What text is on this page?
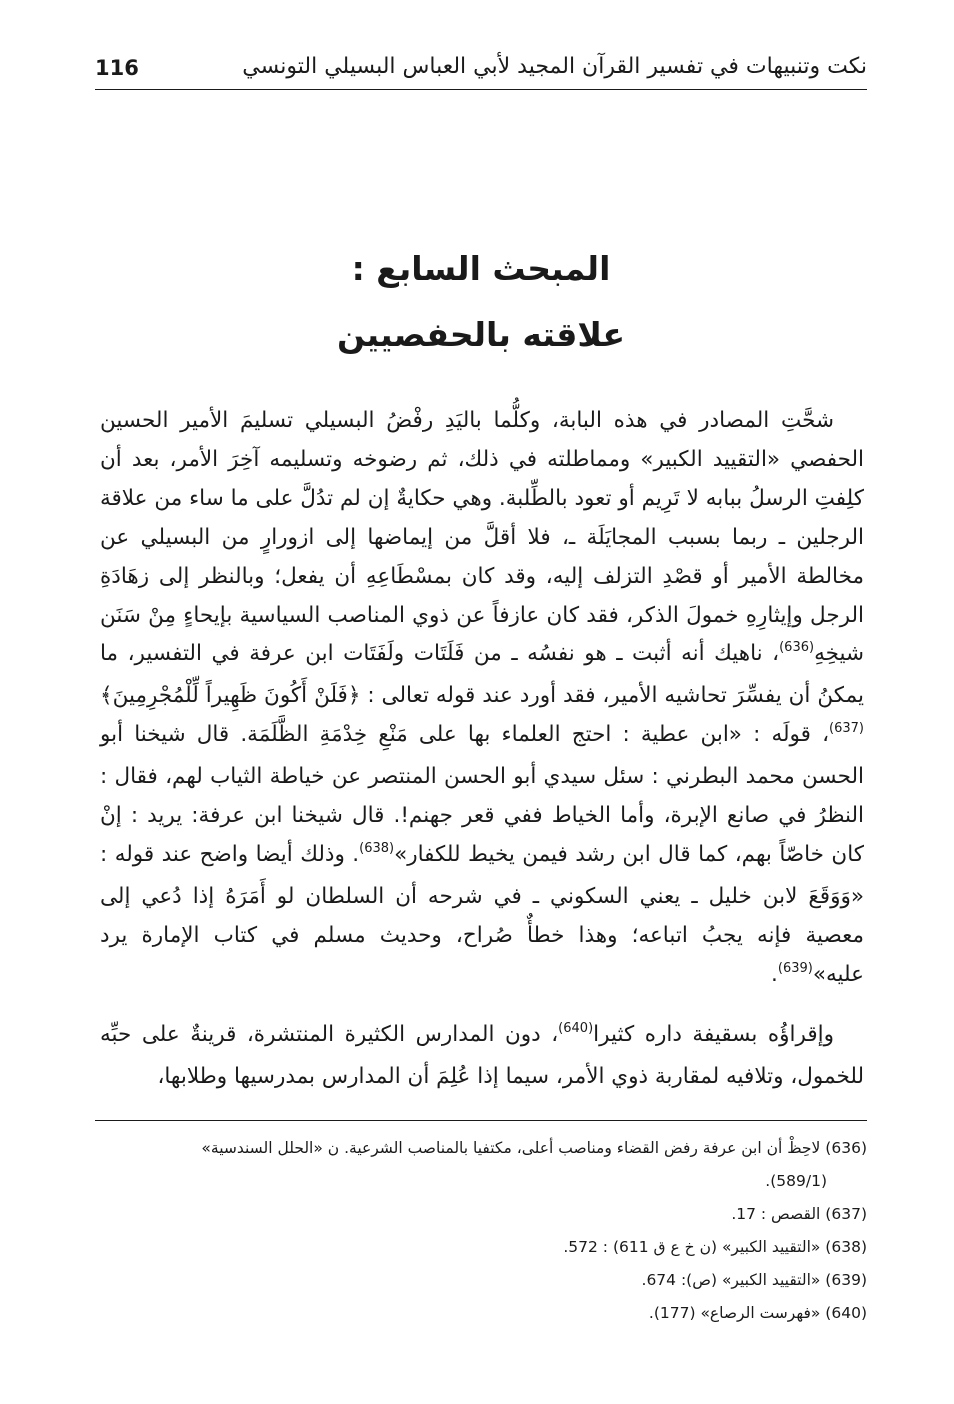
116	نكت وتنبيهات في تفسير القرآن المجيد لأبي العباس البسيلي التونسي
المبحث السابع :
علاقته بالحفصيين

شحَّتِ المصادر في هذه البابة، وكلُّما باليَدِ رفْضُ البسيلي تسليمَ الأمير الحسين الحفصي «التقييد الكبير» ومماطلته في ذلك، ثم رضوخه وتسليمه آخِرَ الأمر، بعد أن كلِفتِ الرسلُ ببابه لا تَرِيم أو تعود بالطِّلبة. وهي حكايةٌ إن لم تدُلَّ على ما ساء من علاقة الرجلين ـ ربما بسبب المجايَلَة ـ، فلا أقلَّ من إيماضها إلى ازورارٍ من البسيلي عن مخالطة الأمير أو قصْدِ التزلف إليه، وقد كان بمسْطَاعِهِ أن يفعل؛ وبالنظر إلى زهَادَةِ الرجل وإيثارِهِ خمولَ الذكر، فقد كان عازفاً عن ذوي المناصب السياسية بإيحاءٍ مِنْ سَنَن شيخِهِ$^{(636)}$، ناهيك أنه أثبت ـ هو نفسُه ـ من فَلَتَات ولَفَتَات ابن عرفة في التفسير، ما يمكنُ أن يفسِّرَ تحاشيه الأمير، فقد أورد عند قوله تعالى : ﴿فَلَنْ أَكُونَ ظَهِيراً لِّلْمُجْرِمِينَ﴾$^{(637)}$، قولَه : «ابن عطية : احتج العلماء بها على مَنْعِ خِدْمَةِ الظَّلَمَة. قال شيخنا أبو الحسن محمد البطرني : سئل سيدي أبو الحسن المنتصر عن خياطة الثياب لهم، فقال : النظرُ في صانع الإبرة، وأما الخياط ففي قعر جهنم!. قال شيخنا ابن عرفة: يريد : إنْ كان خاصّاً بهم، كما قال ابن رشد فيمن يخيط للكفار»$^{(638)}$. وذلك أيضا واضح عند قوله : «وَوَقَعَ لابن خليل ـ يعني السكوني ـ في شرحه أن السلطان لو أَمَرَهُ إذا دُعي إلى معصية فإنه يجبُ اتباعه؛ وهذا خطأٌ صُراح، وحديث مسلم في كتاب الإمارة يرد عليه»$^{(639)}$.

وإقراؤُه بسقيفة داره كثيرا$^{(640)}$، دون المدارس الكثيرة المنتشرة، قرينةٌ على حبِّه للخمول، وتلافيه لمقاربة ذوي الأمر، سيما إذا عُلِمَ أن المدارس بمدرسيها وطلابها،

(636) لاحِظْ أن ابن عرفة رفض القضاء ومناصب أعلى، مكتفيا بالمناصب الشرعية. ن «الحلل السندسية»

(589/1).

(637) القصص : 17.

(638) «التقييد الكبير» (ن خ ع ق 611) : 572.

(639) «التقييد الكبير» (ص): 674.

(640) «فهرست الرصاع» (177).
